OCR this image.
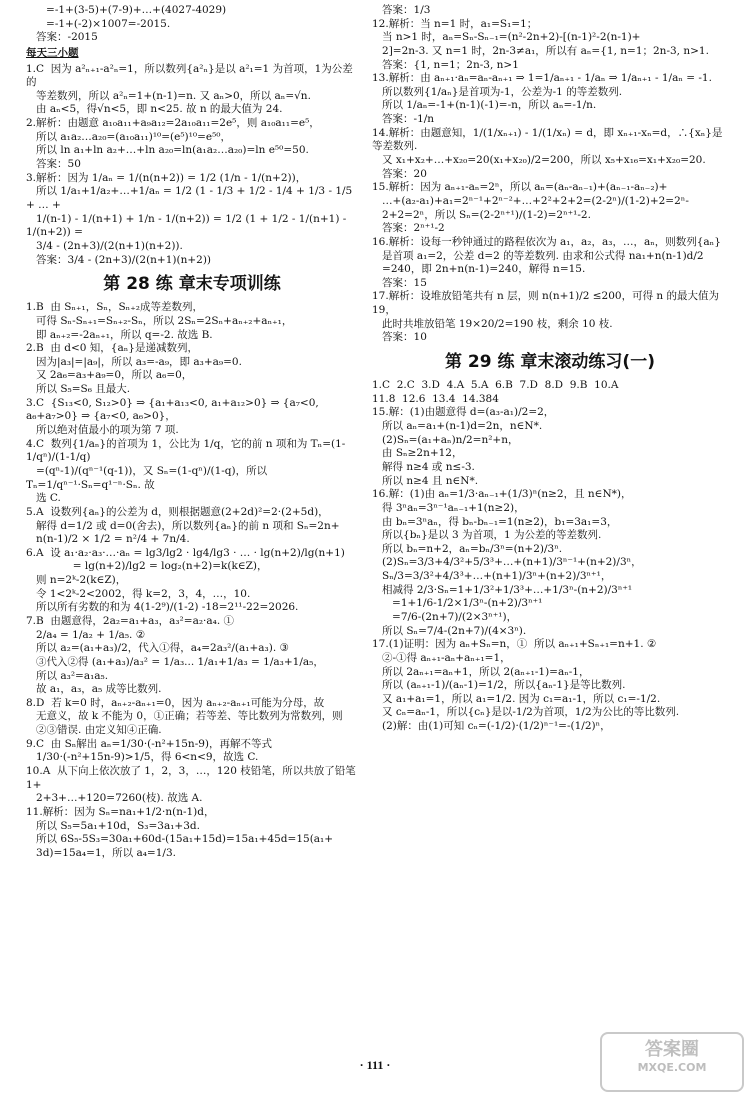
=-1+(3-5)+(7-9)+…+(4027-4029)
=-1+(-2)×1007=-2015.
答案：-2015
每天三小题
1.C  因为 a²ₙ₊₁-a²ₙ=1，所以数列{a²ₙ}是以 a²₁=1 为首项，1为公差的
等差数列，所以 a²ₙ=1+(n-1)=n. 又 aₙ>0，所以 aₙ=√n.
由 aₙ<5，得√n<5，即 n<25. 故 n 的最大值为 24.
2.解析：由题意 a₁₀a₁₁+a₉a₁₂=2a₁₀a₁₁=2e⁵，则 a₁₀a₁₁=e⁵，
所以 a₁a₂…a₂₀=(a₁₀a₁₁)¹⁰=(e⁵)¹⁰=e⁵⁰，
所以 ln a₁+ln a₂+…+ln a₂₀=ln(a₁a₂…a₂₀)=ln e⁵⁰=50.
答案：50
3.解析：因为 1/aₙ = 1/(n(n+2)) = 1/2 (1/n - 1/(n+2))，
所以 1/a₁+1/a₂+…+1/aₙ = 1/2 (1 - 1/3 + 1/2 - 1/4 + 1/3 - 1/5 + … +
1/(n-1) - 1/(n+1) + 1/n - 1/(n+2)) = 1/2 (1 + 1/2 - 1/(n+1) - 1/(n+2)) =
3/4 - (2n+3)/(2(n+1)(n+2)).
答案：3/4 - (2n+3)/(2(n+1)(n+2))
第 28 练 章末专项训练
1.B  由 Sₙ₊₁，Sₙ，Sₙ₊₂成等差数列，
可得 Sₙ-Sₙ₊₁=Sₙ₊₂-Sₙ，所以 2Sₙ=2Sₙ+aₙ₊₂+aₙ₊₁，
即 aₙ₊₂=-2aₙ₊₁，所以 q=-2. 故选 B.
2.B  由 d<0 知，{aₙ}是递减数列，
因为|a₃|=|a₉|，所以 a₃=-a₉，即 a₃+a₉=0.
又 2a₆=a₃+a₉=0，所以 a₆=0，
所以 S₅=S₆ 且最大.
3.C  {S₁₃<0, S₁₂>0} ⇒ {a₁+a₁₃<0, a₁+a₁₂>0} ⇒ {a₇<0, a₆+a₇>0} ⇒ {a₇<0, a₆>0}，
所以绝对值最小的项为第 7 项.
4.C  数列{1/aₙ}的首项为 1，公比为 1/q，它的前 n 项和为 Tₙ=(1-1/qⁿ)/(1-1/q)
=(qⁿ-1)/(qⁿ⁻¹(q-1))，又 Sₙ=(1-qⁿ)/(1-q)，所以 Tₙ=1/qⁿ⁻¹·Sₙ=q¹⁻ⁿ·Sₙ. 故
选 C.
5.A  设数列{aₙ}的公差为 d，则根据题意(2+2d)²=2·(2+5d)，
解得 d=1/2 或 d=0(舍去)，所以数列{aₙ}的前 n 项和 Sₙ=2n+
n(n-1)/2 × 1/2 = n²/4 + 7n/4.
6.A  设 a₁·a₂·a₃·…·aₙ = lg3/lg2 · lg4/lg3 · … · lg(n+2)/lg(n+1)
= lg(n+2)/lg2 = log₂(n+2)=k(k∈Z)，
则 n=2ᵏ-2(k∈Z)，
令 1<2ᵏ-2<2002，得 k=2，3，4，…，10.
所以所有劣数的和为 4(1-2⁹)/(1-2) -18=2¹¹-22=2026.
7.B  由题意得，2a₂=a₁+a₃，a₃²=a₂·a₄. ①
2/a₄ = 1/a₂ + 1/a₅. ②
所以 a₂=(a₁+a₃)/2，代入①得，a₄=2a₃²/(a₁+a₃). ③
③代入②得 (a₁+a₃)/a₃² = 1/a₃... 1/a₁+1/a₃ = 1/a₃+1/a₅，
所以 a₃²=a₁a₅.
故 a₁，a₃，a₅ 成等比数列.
8.D  若 k=0 时，aₙ₊₂-aₙ₊₁=0，因为 aₙ₊₂-aₙ₊₁可能为分母，故
无意义，故 k 不能为 0，①正确；若等差、等比数列为常数列，则
②③错误. 由定义知④正确.
9.C  由 Sₙ解出 aₙ=1/30·(-n²+15n-9)，再解不等式
1/30·(-n²+15n-9)>1/5，得 6<n<9，故选 C.
10.A  从下向上依次放了 1，2，3，…，120 枝铅笔，所以共放了铅笔 1+
2+3+…+120=7260(枝). 故选 A.
11.解析：因为 Sₙ=na₁+1/2·n(n-1)d，
所以 S₅=5a₁+10d，S₃=3a₁+3d.
所以 6S₅-5S₃=30a₁+60d-(15a₁+15d)=15a₁+45d=15(a₁+
3d)=15a₄=1，所以 a₄=1/3.
答案：1/3
12.解析：当 n=1 时，a₁=S₁=1；
当 n>1 时，aₙ=Sₙ-Sₙ₋₁=(n²-2n+2)-[(n-1)²-2(n-1)+
2]=2n-3. 又 n=1 时，2n-3≠a₁，所以有 aₙ={1, n=1；2n-3, n>1.
答案：{1, n=1；2n-3, n>1
13.解析：由 aₙ₊₁·aₙ=aₙ-aₙ₊₁ ⇒ 1=1/aₙ₊₁ - 1/aₙ ⇒ 1/aₙ₊₁ - 1/aₙ = -1.
所以数列{1/aₙ}是首项为-1，公差为-1 的等差数列.
所以 1/aₙ=-1+(n-1)(-1)=-n，所以 aₙ=-1/n.
答案：-1/n
14.解析：由题意知，1/(1/xₙ₊₁) - 1/(1/xₙ) = d，即 xₙ₊₁-xₙ=d，∴{xₙ}是等差数列.
又 x₁+x₂+…+x₂₀=20(x₁+x₂₀)/2=200，所以 x₅+x₁₆=x₁+x₂₀=20.
答案：20
15.解析：因为 aₙ₊₁-aₙ=2ⁿ，所以 aₙ=(aₙ-aₙ₋₁)+(aₙ₋₁-aₙ₋₂)+
…+(a₂-a₁)+a₁=2ⁿ⁻¹+2ⁿ⁻²+…+2²+2+2=(2-2ⁿ)/(1-2)+2=2ⁿ-
2+2=2ⁿ，所以 Sₙ=(2-2ⁿ⁺¹)/(1-2)=2ⁿ⁺¹-2.
答案：2ⁿ⁺¹-2
16.解析：设每一秒钟通过的路程依次为 a₁，a₂，a₃，…，aₙ，则数列{aₙ}
是首项 a₁=2，公差 d=2 的等差数列. 由求和公式得 na₁+n(n-1)d/2
=240，即 2n+n(n-1)=240，解得 n=15.
答案：15
17.解析：设堆放铅笔共有 n 层，则 n(n+1)/2 ≤200，可得 n 的最大值为 19，
此时共堆放铅笔 19×20/2=190 枝，剩余 10 枝.
答案：10
第 29 练 章末滚动练习(一)
1.C  2.C  3.D  4.A  5.A  6.B  7.D  8.D  9.B  10.A
11.8  12.6  13.4  14.384
15.解：(1)由题意得 d=(a₃-a₁)/2=2，
所以 aₙ=a₁+(n-1)d=2n，n∈N*.
(2)Sₙ=(a₁+aₙ)n/2=n²+n，
由 Sₙ≥2n+12，
解得 n≥4 或 n≤-3.
所以 n≥4 且 n∈N*.
16.解：(1)由 aₙ=1/3·aₙ₋₁+(1/3)ⁿ(n≥2，且 n∈N*)，
得 3ⁿaₙ=3ⁿ⁻¹aₙ₋₁+1(n≥2)，
由 bₙ=3ⁿaₙ，得 bₙ-bₙ₋₁=1(n≥2)，b₁=3a₁=3，
所以{bₙ}是以 3 为首项，1 为公差的等差数列.
所以 bₙ=n+2，aₙ=bₙ/3ⁿ=(n+2)/3ⁿ.
(2)Sₙ=3/3+4/3²+5/3³+…+(n+1)/3ⁿ⁻¹+(n+2)/3ⁿ，
Sₙ/3=3/3²+4/3³+…+(n+1)/3ⁿ+(n+2)/3ⁿ⁺¹，
相减得 2/3·Sₙ=1+1/3²+1/3³+…+1/3ⁿ-(n+2)/3ⁿ⁺¹
=1+1/6-1/2×1/3ⁿ-(n+2)/3ⁿ⁺¹
=7/6-(2n+7)/(2×3ⁿ⁺¹)，
所以 Sₙ=7/4-(2n+7)/(4×3ⁿ).
17.(1)证明：因为 aₙ+Sₙ=n，①  所以 aₙ₊₁+Sₙ₊₁=n+1. ②
②-①得 aₙ₊₁-aₙ+aₙ₊₁=1，
所以 2aₙ₊₁=aₙ+1，所以 2(aₙ₊₁-1)=aₙ-1，
所以 (aₙ₊₁-1)/(aₙ-1)=1/2，所以{aₙ-1}是等比数列.
又 a₁+a₁=1，所以 a₁=1/2. 因为 c₁=a₁-1，所以 c₁=-1/2.
又 cₙ=aₙ-1，所以{cₙ}是以-1/2为首项，1/2为公比的等比数列.
(2)解：由(1)可知 cₙ=(-1/2)·(1/2)ⁿ⁻¹=-(1/2)ⁿ，
· 111 ·
答案圈
MXQE.COM
